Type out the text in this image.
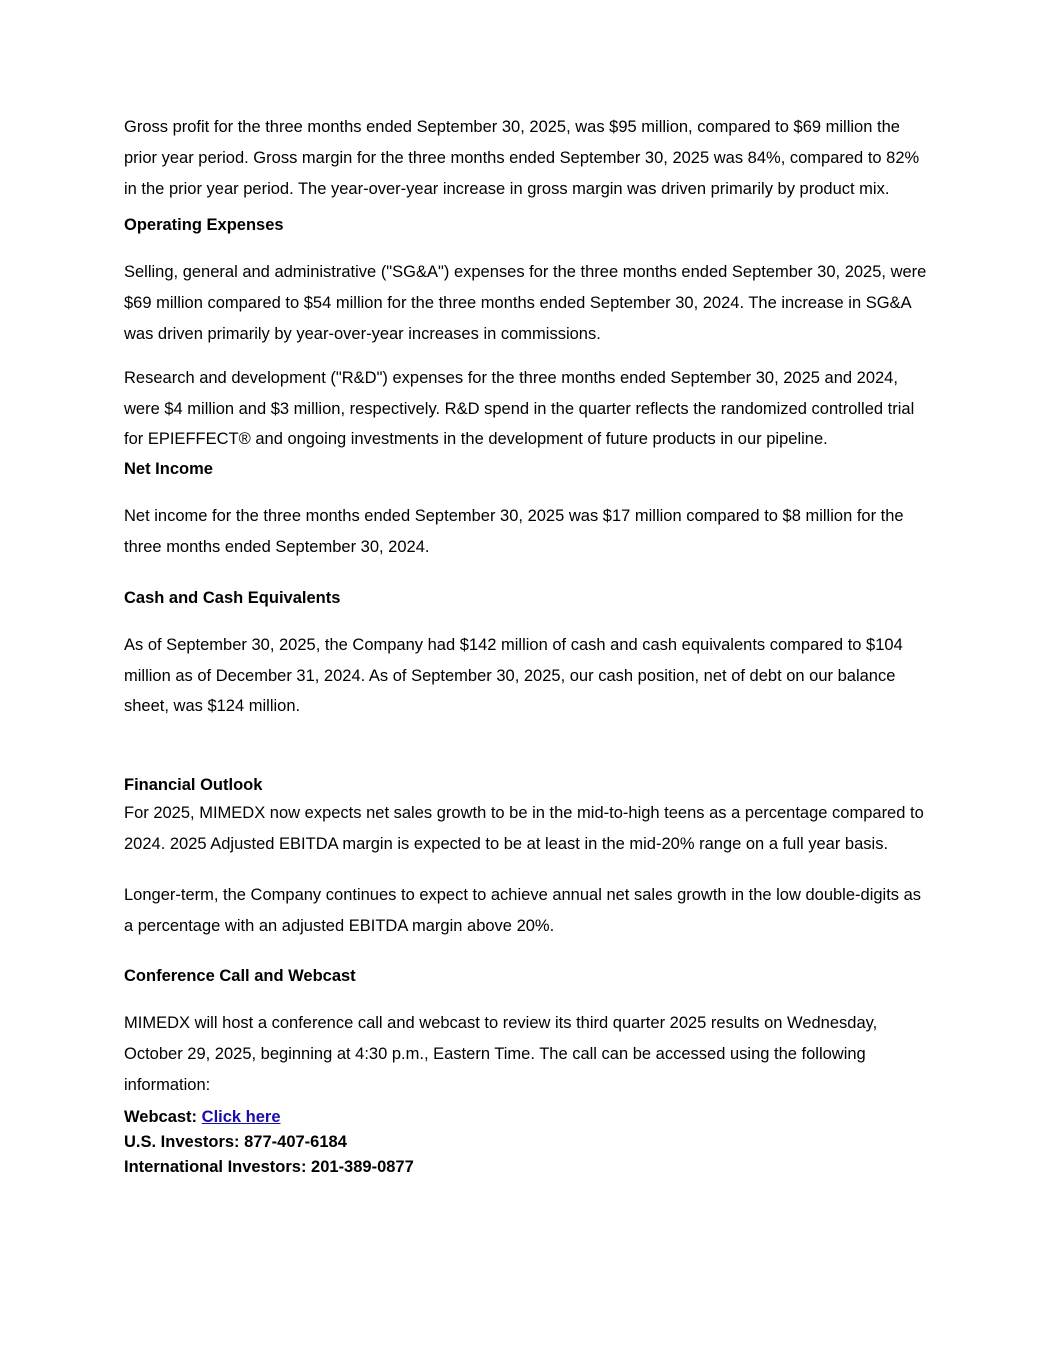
Gross profit for the three months ended September 30, 2025, was $95 million, compared to $69 million the prior year period. Gross margin for the three months ended September 30, 2025 was 84%, compared to 82% in the prior year period. The year-over-year increase in gross margin was driven primarily by product mix.

Operating Expenses

Selling, general and administrative ("SG&A") expenses for the three months ended September 30, 2025, were $69 million compared to $54 million for the three months ended September 30, 2024. The increase in SG&A was driven primarily by year-over-year increases in commissions.

Research and development ("R&D") expenses for the three months ended September 30, 2025 and 2024, were $4 million and $3 million, respectively. R&D spend in the quarter reflects the randomized controlled trial for EPIEFFECT® and ongoing investments in the development of future products in our pipeline.

Net Income

Net income for the three months ended September 30, 2025 was $17 million compared to $8 million for the three months ended September 30, 2024.

Cash and Cash Equivalents

As of September 30, 2025, the Company had $142 million of cash and cash equivalents compared to $104 million as of December 31, 2024. As of September 30, 2025, our cash position, net of debt on our balance sheet, was $124 million.

Financial Outlook

For 2025, MIMEDX now expects net sales growth to be in the mid-to-high teens as a percentage compared to 2024. 2025 Adjusted EBITDA margin is expected to be at least in the mid-20% range on a full year basis.

Longer-term, the Company continues to expect to achieve annual net sales growth in the low double-digits as a percentage with an adjusted EBITDA margin above 20%.

Conference Call and Webcast

MIMEDX will host a conference call and webcast to review its third quarter 2025 results on Wednesday, October 29, 2025, beginning at 4:30 p.m., Eastern Time. The call can be accessed using the following information:

Webcast: Click here
U.S. Investors: 877-407-6184
International Investors: 201-389-0877
